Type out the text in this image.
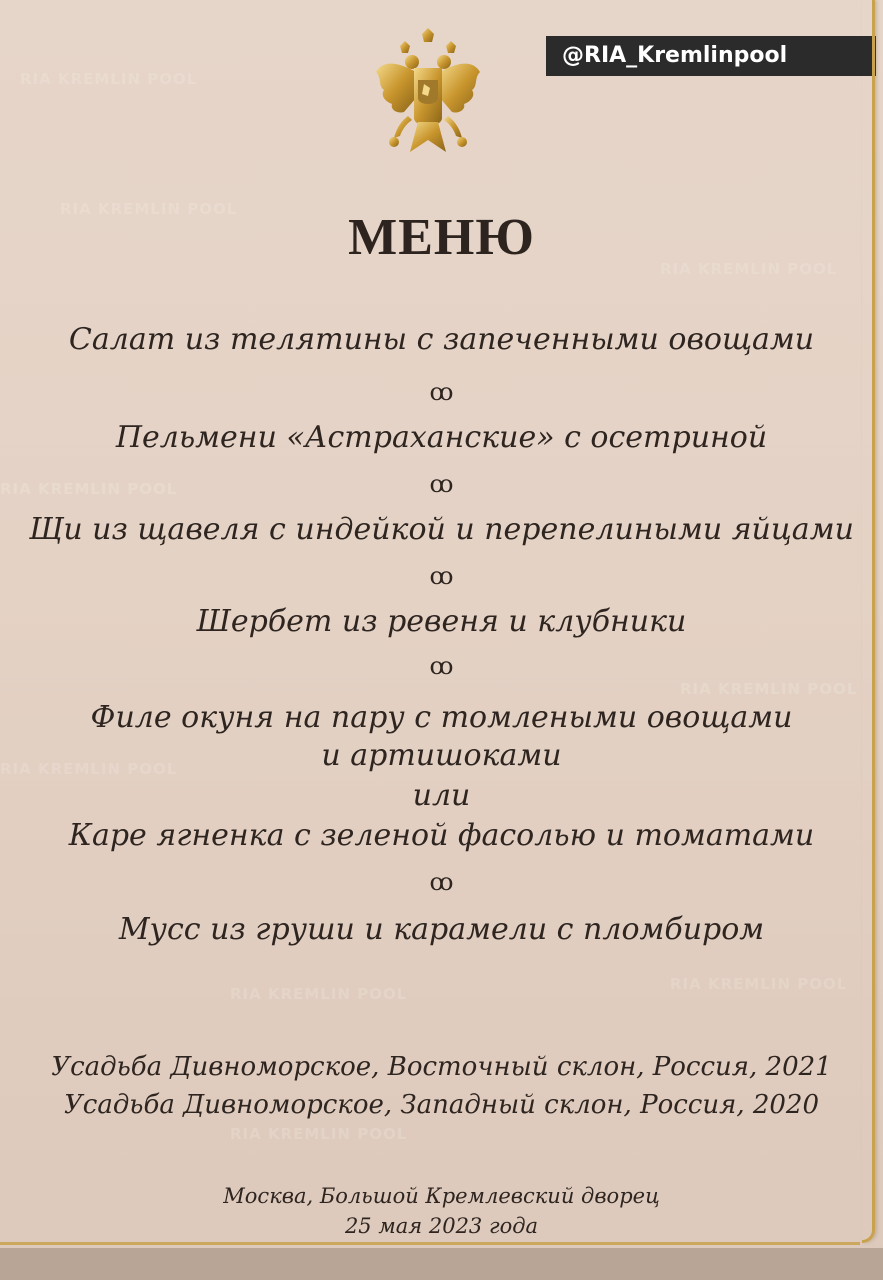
RIA KREMLIN POOL
RIA KREMLIN POOL
RIA KREMLIN POOL
RIA KREMLIN POOL
RIA KREMLIN POOL
RIA KREMLIN POOL
RIA KREMLIN POOL
RIA KREMLIN POOL
RIA KREMLIN POOL
@RIA_Kremlinpool
МЕНЮ
Салат из телятины с запеченными овощами
ꝏ
Пельмени «Астраханские» с осетриной
ꝏ
Щи из щавеля с индейкой и перепелиными яйцами
ꝏ
Шербет из ревеня и клубники
ꝏ
Филе окуня на пару с томлеными овощами
и артишоками
или
Каре ягненка с зеленой фасолью и томатами
ꝏ
Мусс из груши и карамели с пломбиром
Усадьба Дивноморское, Восточный склон, Россия, 2021
Усадьба Дивноморское, Западный склон, Россия, 2020
Москва, Большой Кремлевский дворец
25 мая 2023 года
